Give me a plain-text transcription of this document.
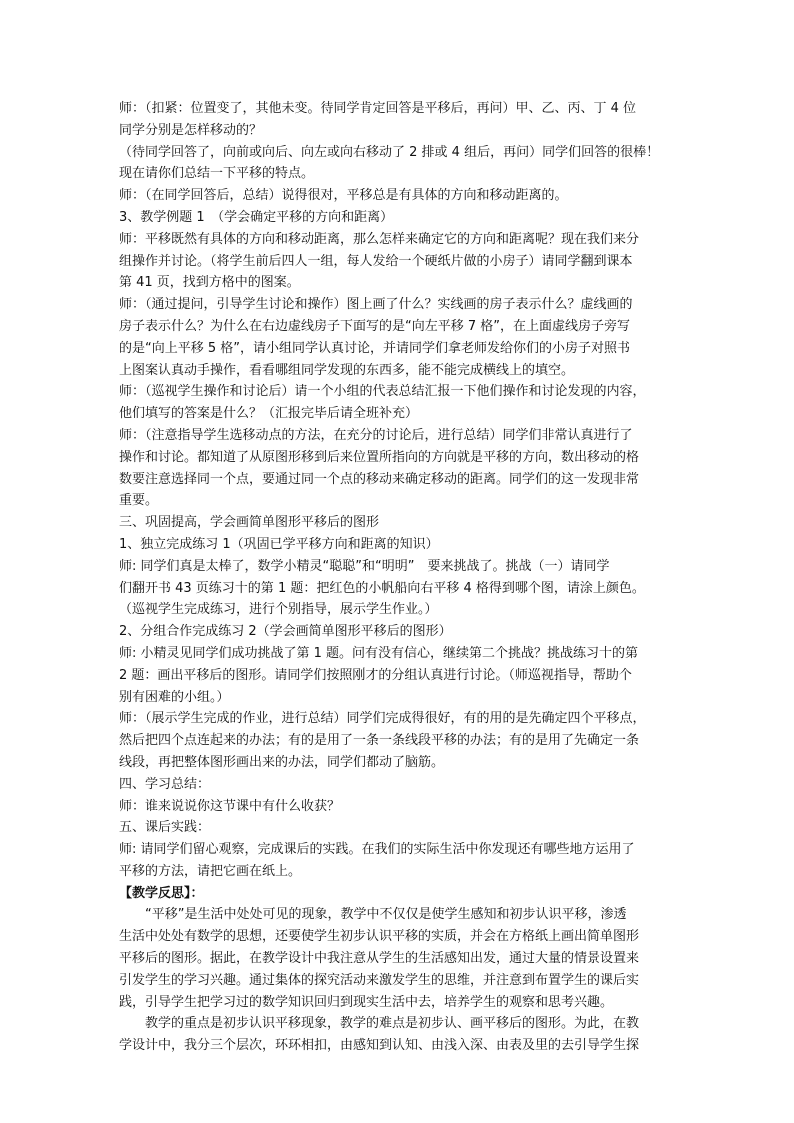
师：（扣紧：位置变了，其他未变。待同学肯定回答是平移后，再问）甲、乙、丙、丁 4 位
同学分别是怎样移动的？
（待同学回答了，向前或向后、向左或向右移动了 2 排或 4 组后，再问）同学们回答的很棒！
现在请你们总结一下平移的特点。
师：（在同学回答后，总结）说得很对，平移总是有具体的方向和移动距离的。
3、教学例题 1　（学会确定平移的方向和距离）
师：平移既然有具体的方向和移动距离，那么怎样来确定它的方向和距离呢？现在我们来分
组操作并讨论。（将学生前后四人一组，每人发给一个硬纸片做的小房子）请同学翻到课本
第 41 页，找到方格中的图案。
师：（通过提问，引导学生讨论和操作）图上画了什么？实线画的房子表示什么？虚线画的
房子表示什么？为什么在右边虚线房子下面写的是“向左平移 7 格”，在上面虚线房子旁写
的是“向上平移 5 格”，请小组同学认真讨论，并请同学们拿老师发给你们的小房子对照书
上图案认真动手操作，看看哪组同学发现的东西多，能不能完成横线上的填空。
师：（巡视学生操作和讨论后）请一个小组的代表总结汇报一下他们操作和讨论发现的内容，
他们填写的答案是什么？（汇报完毕后请全班补充）
师：（注意指导学生选移动点的方法，在充分的讨论后，进行总结）同学们非常认真进行了
操作和讨论。都知道了从原图形移到后来位置所指向的方向就是平移的方向，数出移动的格
数要注意选择同一个点，要通过同一个点的移动来确定移动的距离。同学们的这一发现非常
重要。
三、巩固提高，学会画简单图形平移后的图形
1、独立完成练习 1（巩固已学平移方向和距离的知识）
师: 同学们真是太棒了，数学小精灵“聪聪”和“明明”　要来挑战了。挑战（一）请同学
们翻开书 43 页练习十的第 1 题：把红色的小帆船向右平移 4 格得到哪个图，请涂上颜色。
（巡视学生完成练习，进行个别指导，展示学生作业。）
2、分组合作完成练习 2（学会画简单图形平移后的图形）
师: 小精灵见同学们成功挑战了第 1 题。问有没有信心，继续第二个挑战？挑战练习十的第
2 题：画出平移后的图形。请同学们按照刚才的分组认真进行讨论。（师巡视指导，帮助个
别有困难的小组。）
师：（展示学生完成的作业，进行总结）同学们完成得很好，有的用的是先确定四个平移点，
然后把四个点连起来的办法；有的是用了一条一条线段平移的办法；有的是用了先确定一条
线段，再把整体图形画出来的办法，同学们都动了脑筋。
四、学习总结：
师：谁来说说你这节课中有什么收获？
五、课后实践：
师: 请同学们留心观察，完成课后的实践。在我们的实际生活中你发现还有哪些地方运用了
平移的方法，请把它画在纸上。
【教学反思】：
“平移”是生活中处处可见的现象，教学中不仅仅是使学生感知和初步认识平移，渗透
生活中处处有数学的思想，还要使学生初步认识平移的实质，并会在方格纸上画出简单图形
平移后的图形。据此，在教学设计中我注意从学生的生活感知出发，通过大量的情景设置来
引发学生的学习兴趣。通过集体的探究活动来激发学生的思维，并注意到布置学生的课后实
践，引导学生把学习过的数学知识回归到现实生活中去，培养学生的观察和思考兴趣。
教学的重点是初步认识平移现象，教学的难点是初步认、画平移后的图形。为此，在教
学设计中，我分三个层次，环环相扣，由感知到认知、由浅入深、由表及里的去引导学生探
